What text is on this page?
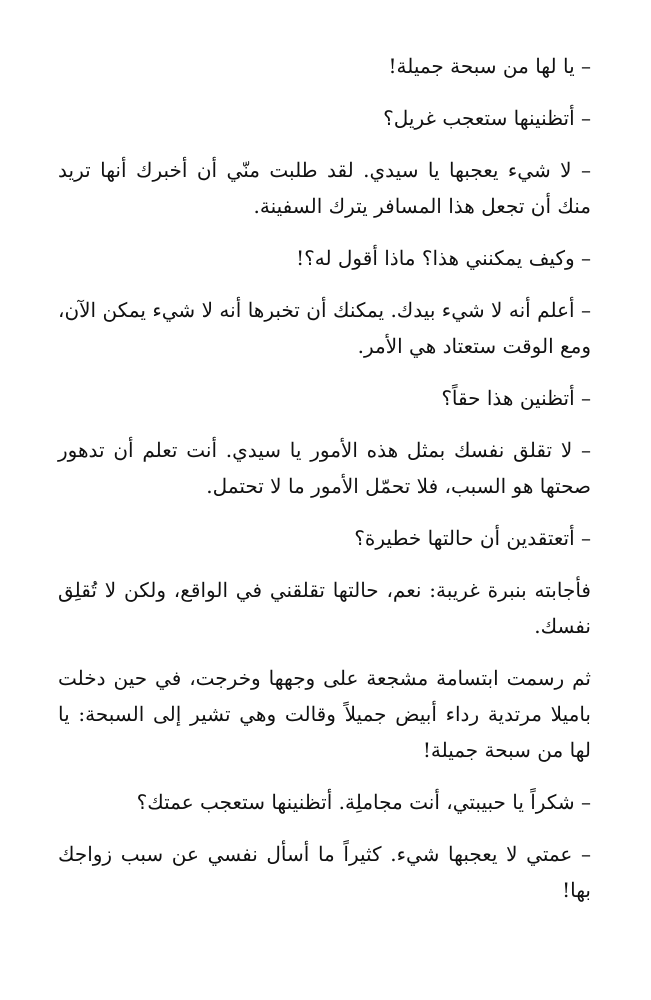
– يا لها من سبحة جميلة!

– أتظنينها ستعجب غريل؟

– لا شيء يعجبها يا سيدي. لقد طلبت منّي أن أخبرك أنها تريد منك أن تجعل هذا المسافر يترك السفينة.

– وكيف يمكنني هذا؟ ماذا أقول له؟!

– أعلم أنه لا شيء بيدك. يمكنك أن تخبرها أنه لا شيء يمكن الآن، ومع الوقت ستعتاد هي الأمر.

– أتظنين هذا حقاً؟

– لا تقلق نفسك بمثل هذه الأمور يا سيدي. أنت تعلم أن تدهور صحتها هو السبب، فلا تحمّل الأمور ما لا تحتمل.

– أتعتقدين أن حالتها خطيرة؟

فأجابته بنبرة غريبة: نعم، حالتها تقلقني في الواقع، ولكن لا تُقلِق نفسك.

ثم رسمت ابتسامة مشجعة على وجهها وخرجت، في حين دخلت باميلا مرتدية رداء أبيض جميلاً وقالت وهي تشير إلى السبحة: يا لها من سبحة جميلة!

– شكراً يا حبيبتي، أنت مجاملِة. أتظنينها ستعجب عمتك؟

– عمتي لا يعجبها شيء. كثيراً ما أسأل نفسي عن سبب زواجك بها!
